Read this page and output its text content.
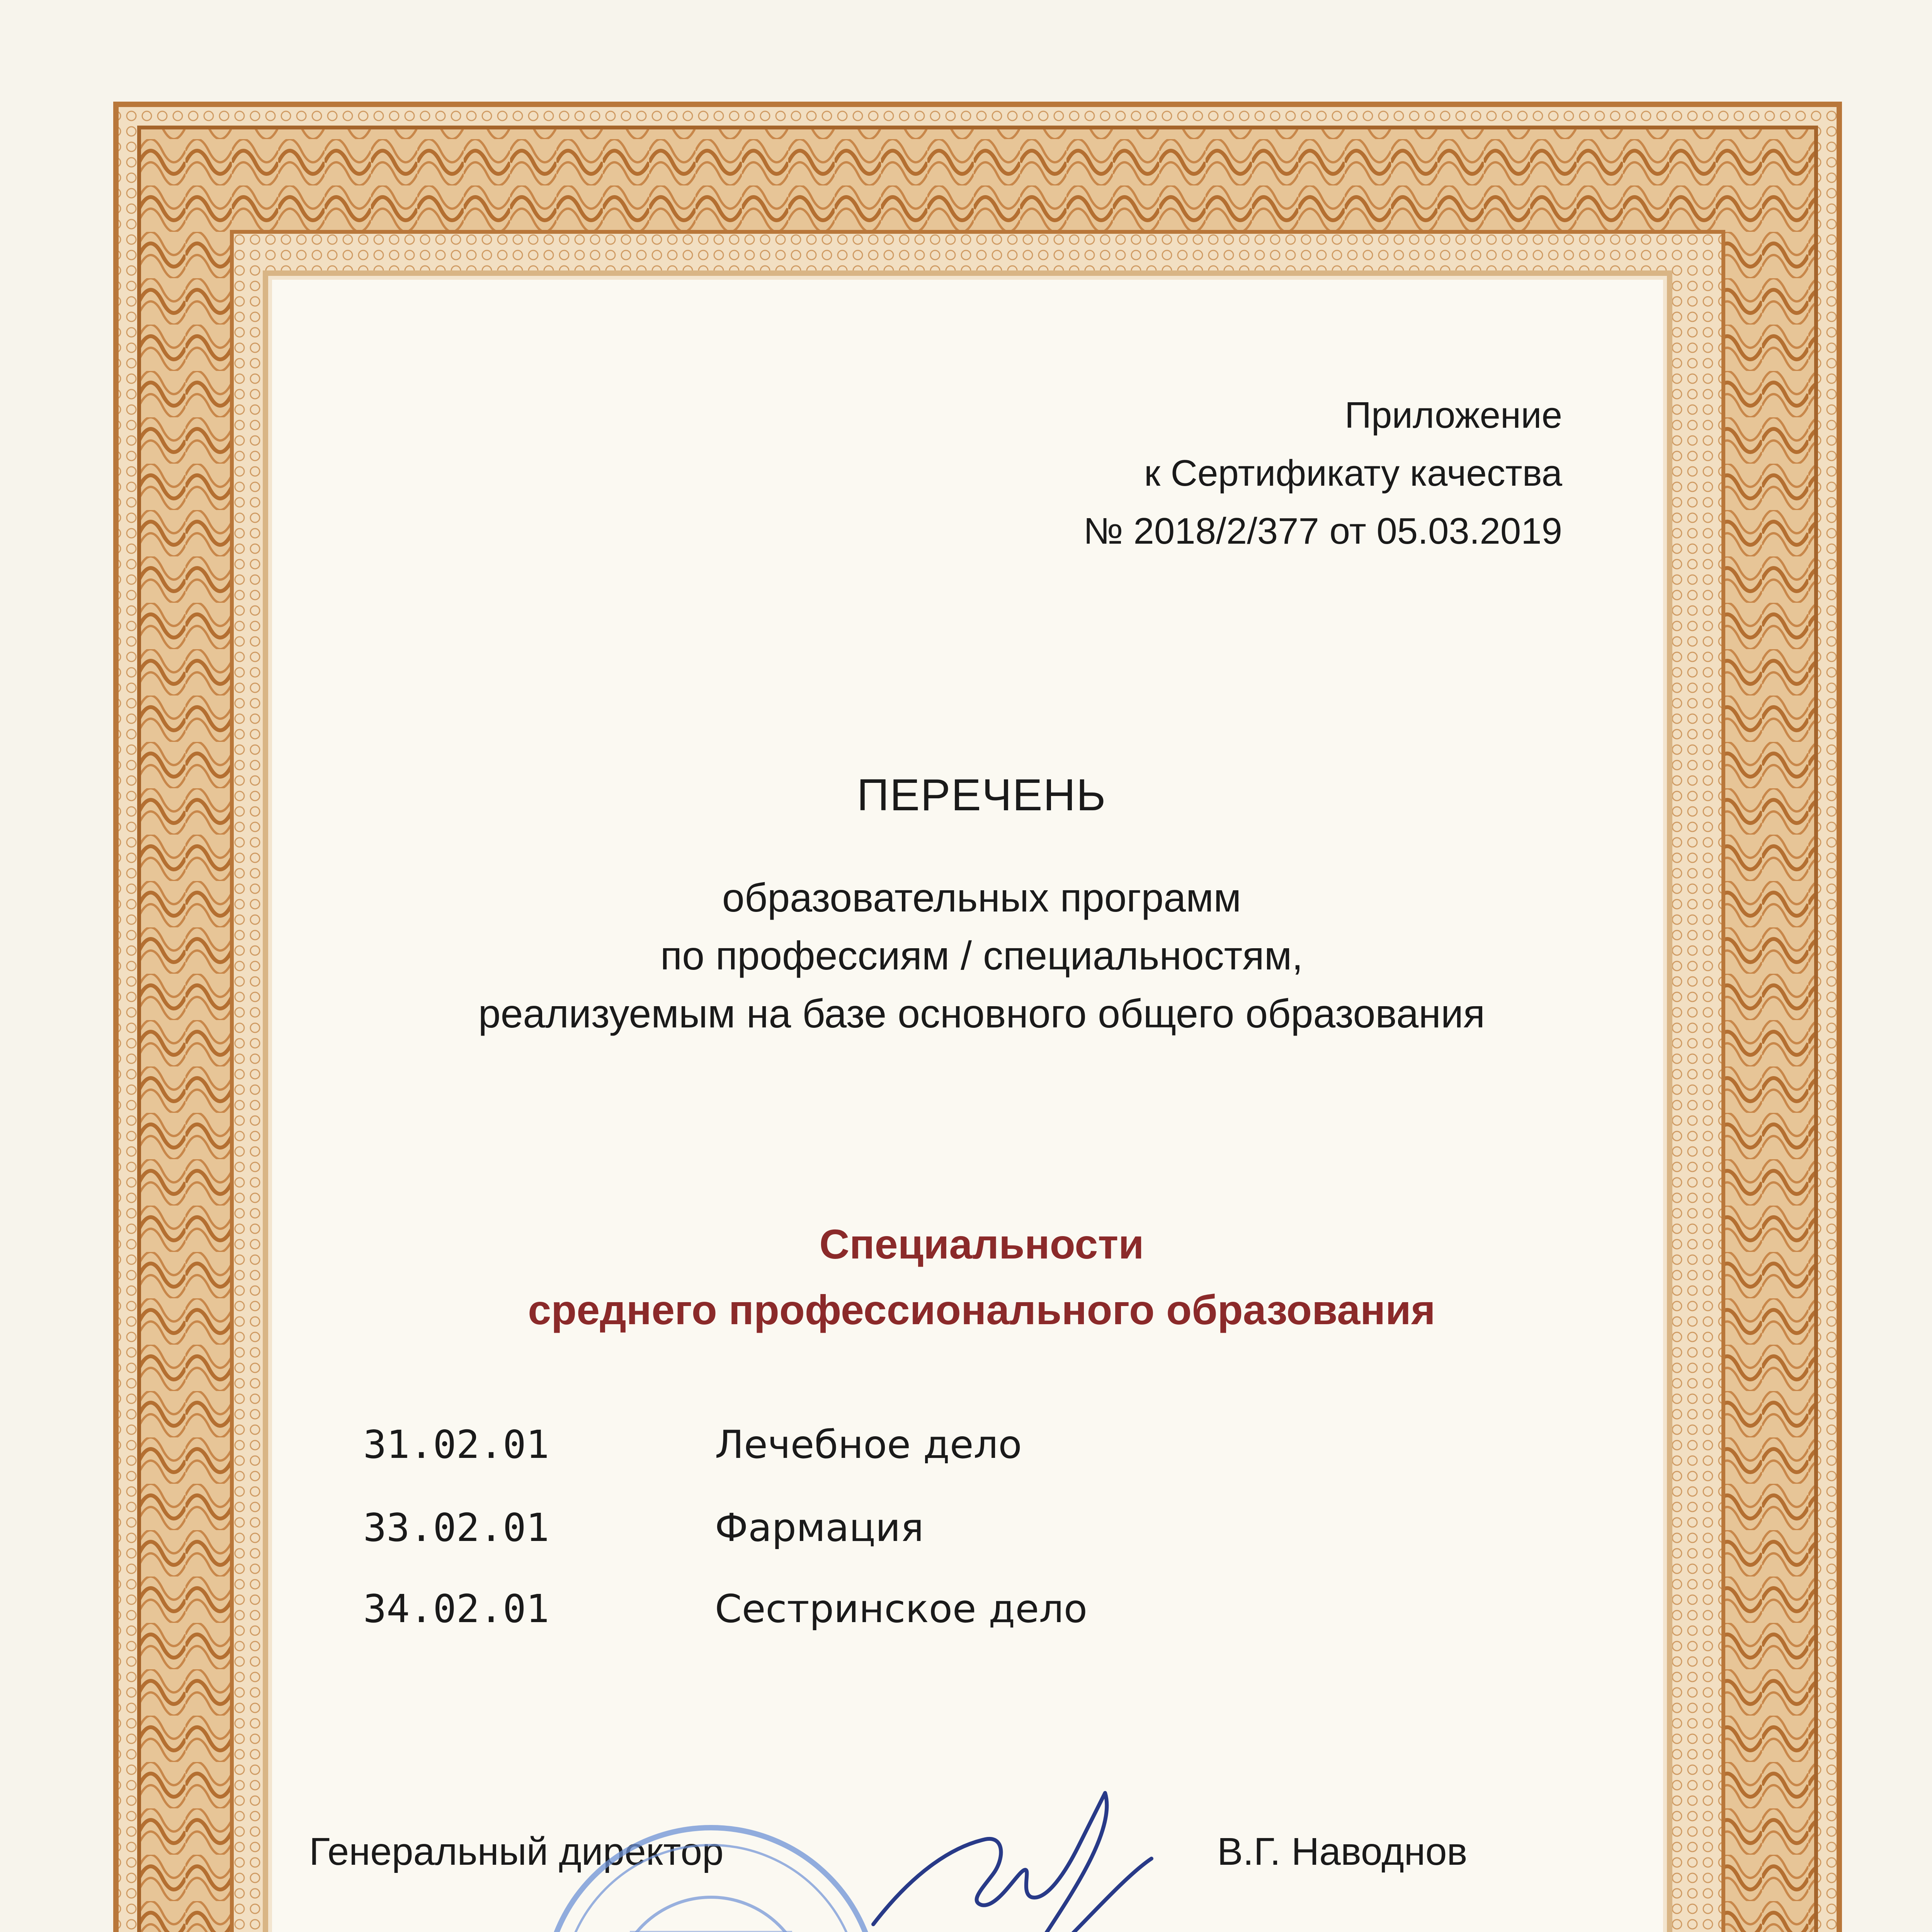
Приложение
к Сертификату качества
№ 2018/2/377 от 05.03.2019
ПЕРЕЧЕНЬ
образовательных программ
по профессиям / специальностям,
реализуемым на базе основного общего образования
Специальности
среднего профессионального образования
31.02.01	Лечебное дело
33.02.01	Фармация
34.02.01	Сестринское дело
Генеральный директор	В.Г. Наводнов
